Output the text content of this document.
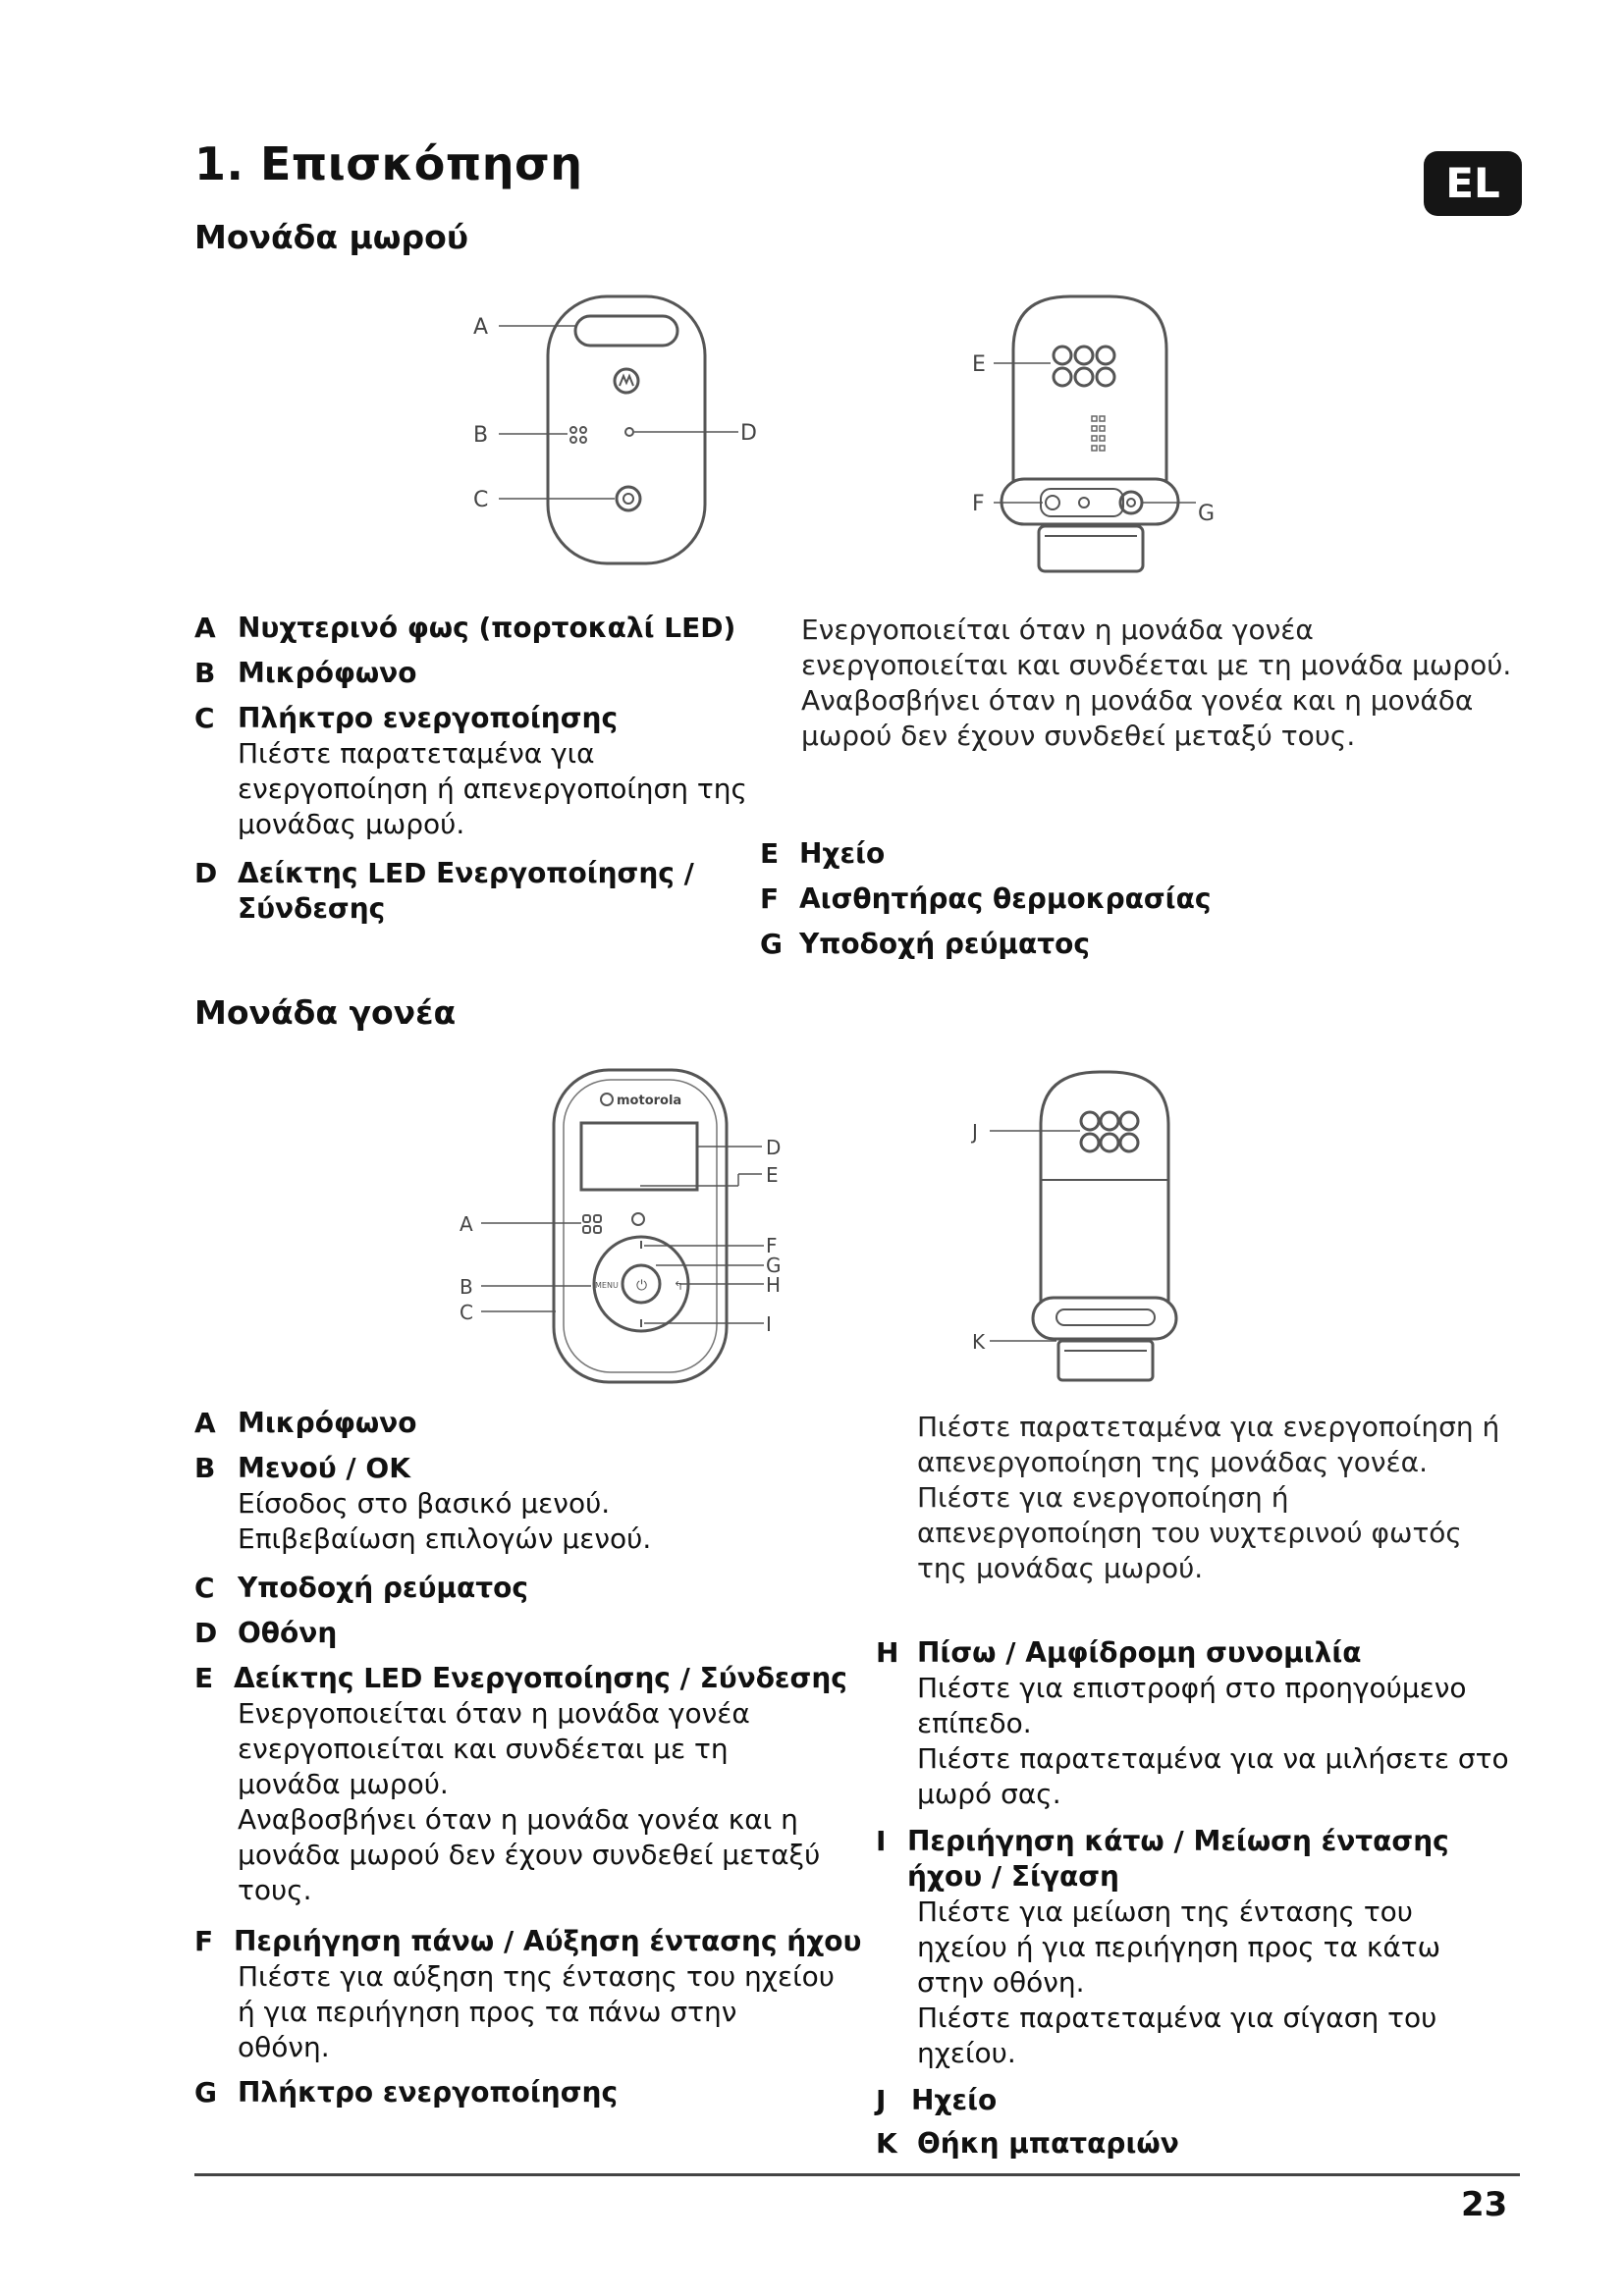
1. Επισκόπηση	EL
Μονάδα μωρού
A
B
C
D
E
F	G
A Νυχτερινό φως (πορτοκαλί LED)
B Μικρόφωνο
C Πλήκτρο ενεργοποίησης
Πιέστε παρατεταμένα για ενεργοποίηση ή απενεργοποίηση της μονάδας μωρού.
D Δείκτης LED Ενεργοποίησης / Σύνδεσης
Ενεργοποιείται όταν η μονάδα γονέα ενεργοποιείται και συνδέεται με τη μονάδα μωρού.
Αναβοσβήνει όταν η μονάδα γονέα και η μονάδα μωρού δεν έχουν συνδεθεί μεταξύ τους.
E Ηχείο
F Αισθητήρας θερμοκρασίας
G Υποδοχή ρεύματος
Μονάδα γονέα
motorola
⏻
MENU	↰
D
E
F
G
H
I
A
B
C
J
K
A Μικρόφωνο
B Μενού / OK
Είσοδος στο βασικό μενού.
Επιβεβαίωση επιλογών μενού.
C Υποδοχή ρεύματος
D Οθόνη
E Δείκτης LED Ενεργοποίησης / Σύνδεσης
Ενεργοποιείται όταν η μονάδα γονέα ενεργοποιείται και συνδέεται με τη μονάδα μωρού.
Αναβοσβήνει όταν η μονάδα γονέα και η μονάδα μωρού δεν έχουν συνδεθεί μεταξύ τους.
F Περιήγηση πάνω / Αύξηση έντασης ήχου
Πιέστε για αύξηση της έντασης του ηχείου ή για περιήγηση προς τα πάνω στην οθόνη.
G Πλήκτρο ενεργοποίησης
Πιέστε παρατεταμένα για ενεργοποίηση ή απενεργοποίηση της μονάδας γονέα.
Πιέστε για ενεργοποίηση ή απενεργοποίηση του νυχτερινού φωτός της μονάδας μωρού.
H Πίσω / Αμφίδρομη συνομιλία
Πιέστε για επιστροφή στο προηγούμενο επίπεδο.
Πιέστε παρατεταμένα για να μιλήσετε στο μωρό σας.
I Περιήγηση κάτω / Μείωση έντασης ήχου / Σίγαση
Πιέστε για μείωση της έντασης του ηχείου ή για περιήγηση προς τα κάτω στην οθόνη.
Πιέστε παρατεταμένα για σίγαση του ηχείου.
J Ηχείο
K Θήκη μπαταριών
23
